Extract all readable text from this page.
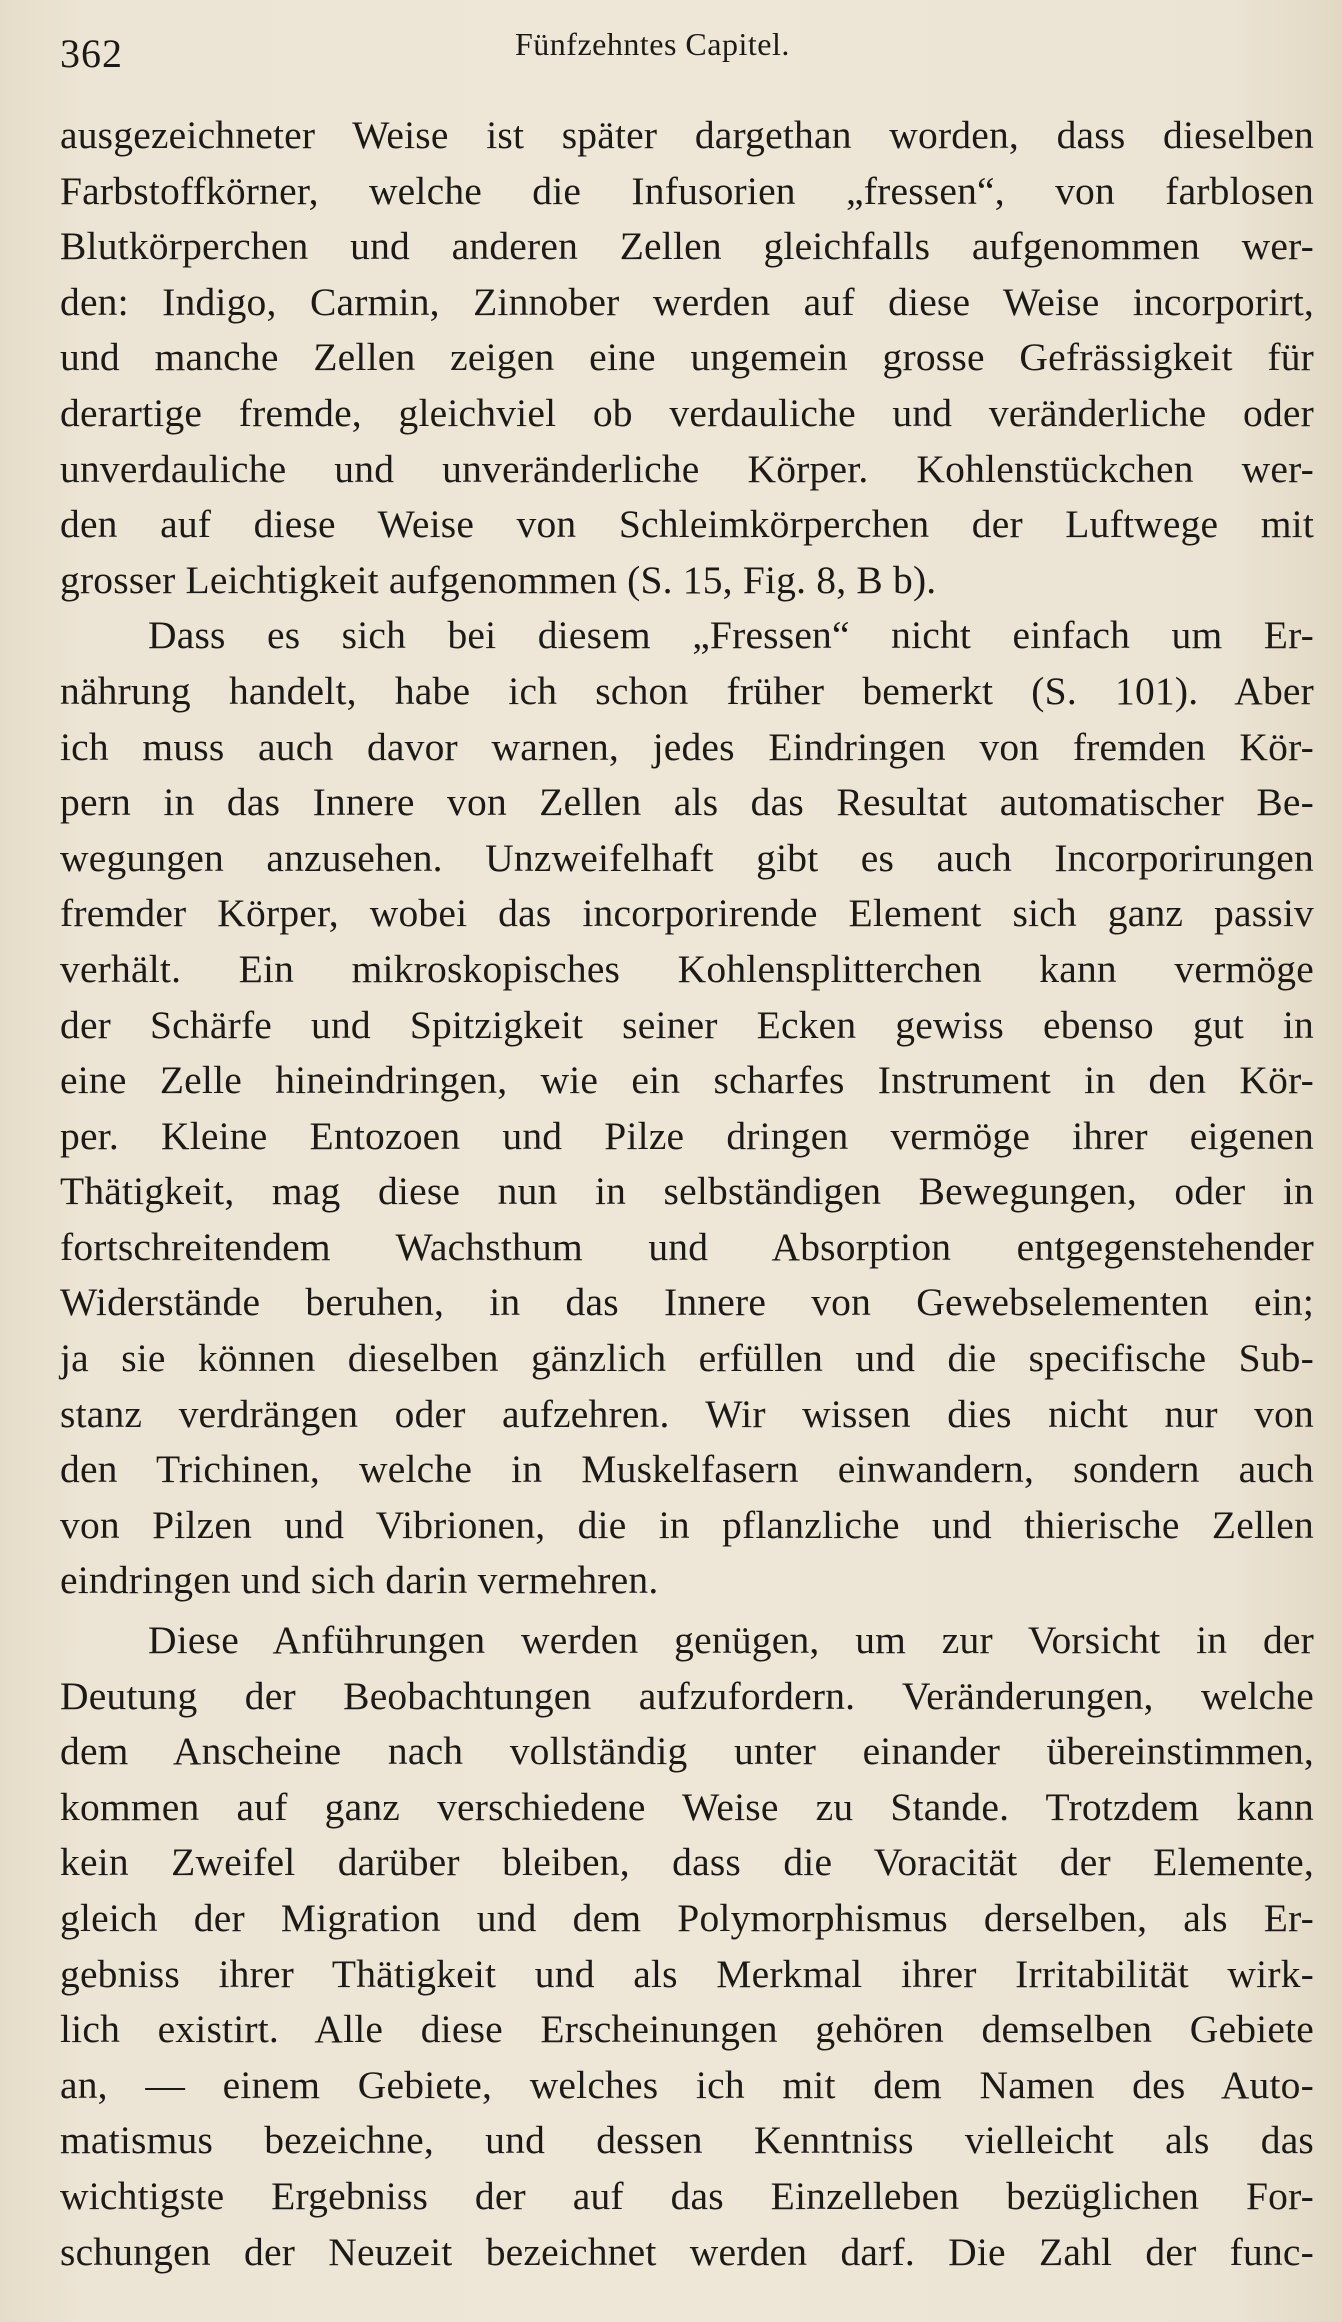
362	Fünfzehntes Capitel.
ausgezeichneter Weise ist später dargethan worden, dass dieselben
Farbstoffkörner, welche die Infusorien „fressen“, von farblosen
Blutkörperchen und anderen Zellen gleichfalls aufgenommen wer-
den: Indigo, Carmin, Zinnober werden auf diese Weise incorporirt,
und manche Zellen zeigen eine ungemein grosse Gefrässigkeit für
derartige fremde, gleichviel ob verdauliche und veränderliche oder
unverdauliche und unveränderliche Körper. Kohlenstückchen wer-
den auf diese Weise von Schleimkörperchen der Luftwege mit
grosser Leichtigkeit aufgenommen (S. 15, Fig. 8, B b).
Dass es sich bei diesem „Fressen“ nicht einfach um Er-
nährung handelt, habe ich schon früher bemerkt (S. 101). Aber
ich muss auch davor warnen, jedes Eindringen von fremden Kör-
pern in das Innere von Zellen als das Resultat automatischer Be-
wegungen anzusehen. Unzweifelhaft gibt es auch Incorporirungen
fremder Körper, wobei das incorporirende Element sich ganz passiv
verhält. Ein mikroskopisches Kohlensplitterchen kann vermöge
der Schärfe und Spitzigkeit seiner Ecken gewiss ebenso gut in
eine Zelle hineindringen, wie ein scharfes Instrument in den Kör-
per. Kleine Entozoen und Pilze dringen vermöge ihrer eigenen
Thätigkeit, mag diese nun in selbständigen Bewegungen, oder in
fortschreitendem Wachsthum und Absorption entgegenstehender
Widerstände beruhen, in das Innere von Gewebselementen ein;
ja sie können dieselben gänzlich erfüllen und die specifische Sub-
stanz verdrängen oder aufzehren. Wir wissen dies nicht nur von
den Trichinen, welche in Muskelfasern einwandern, sondern auch
von Pilzen und Vibrionen, die in pflanzliche und thierische Zellen
eindringen und sich darin vermehren.
Diese Anführungen werden genügen, um zur Vorsicht in der
Deutung der Beobachtungen aufzufordern. Veränderungen, welche
dem Anscheine nach vollständig unter einander übereinstimmen,
kommen auf ganz verschiedene Weise zu Stande. Trotzdem kann
kein Zweifel darüber bleiben, dass die Voracität der Elemente,
gleich der Migration und dem Polymorphismus derselben, als Er-
gebniss ihrer Thätigkeit und als Merkmal ihrer Irritabilität wirk-
lich existirt. Alle diese Erscheinungen gehören demselben Gebiete
an, — einem Gebiete, welches ich mit dem Namen des Auto-
matismus bezeichne, und dessen Kenntniss vielleicht als das
wichtigste Ergebniss der auf das Einzelleben bezüglichen For-
schungen der Neuzeit bezeichnet werden darf. Die Zahl der func-
